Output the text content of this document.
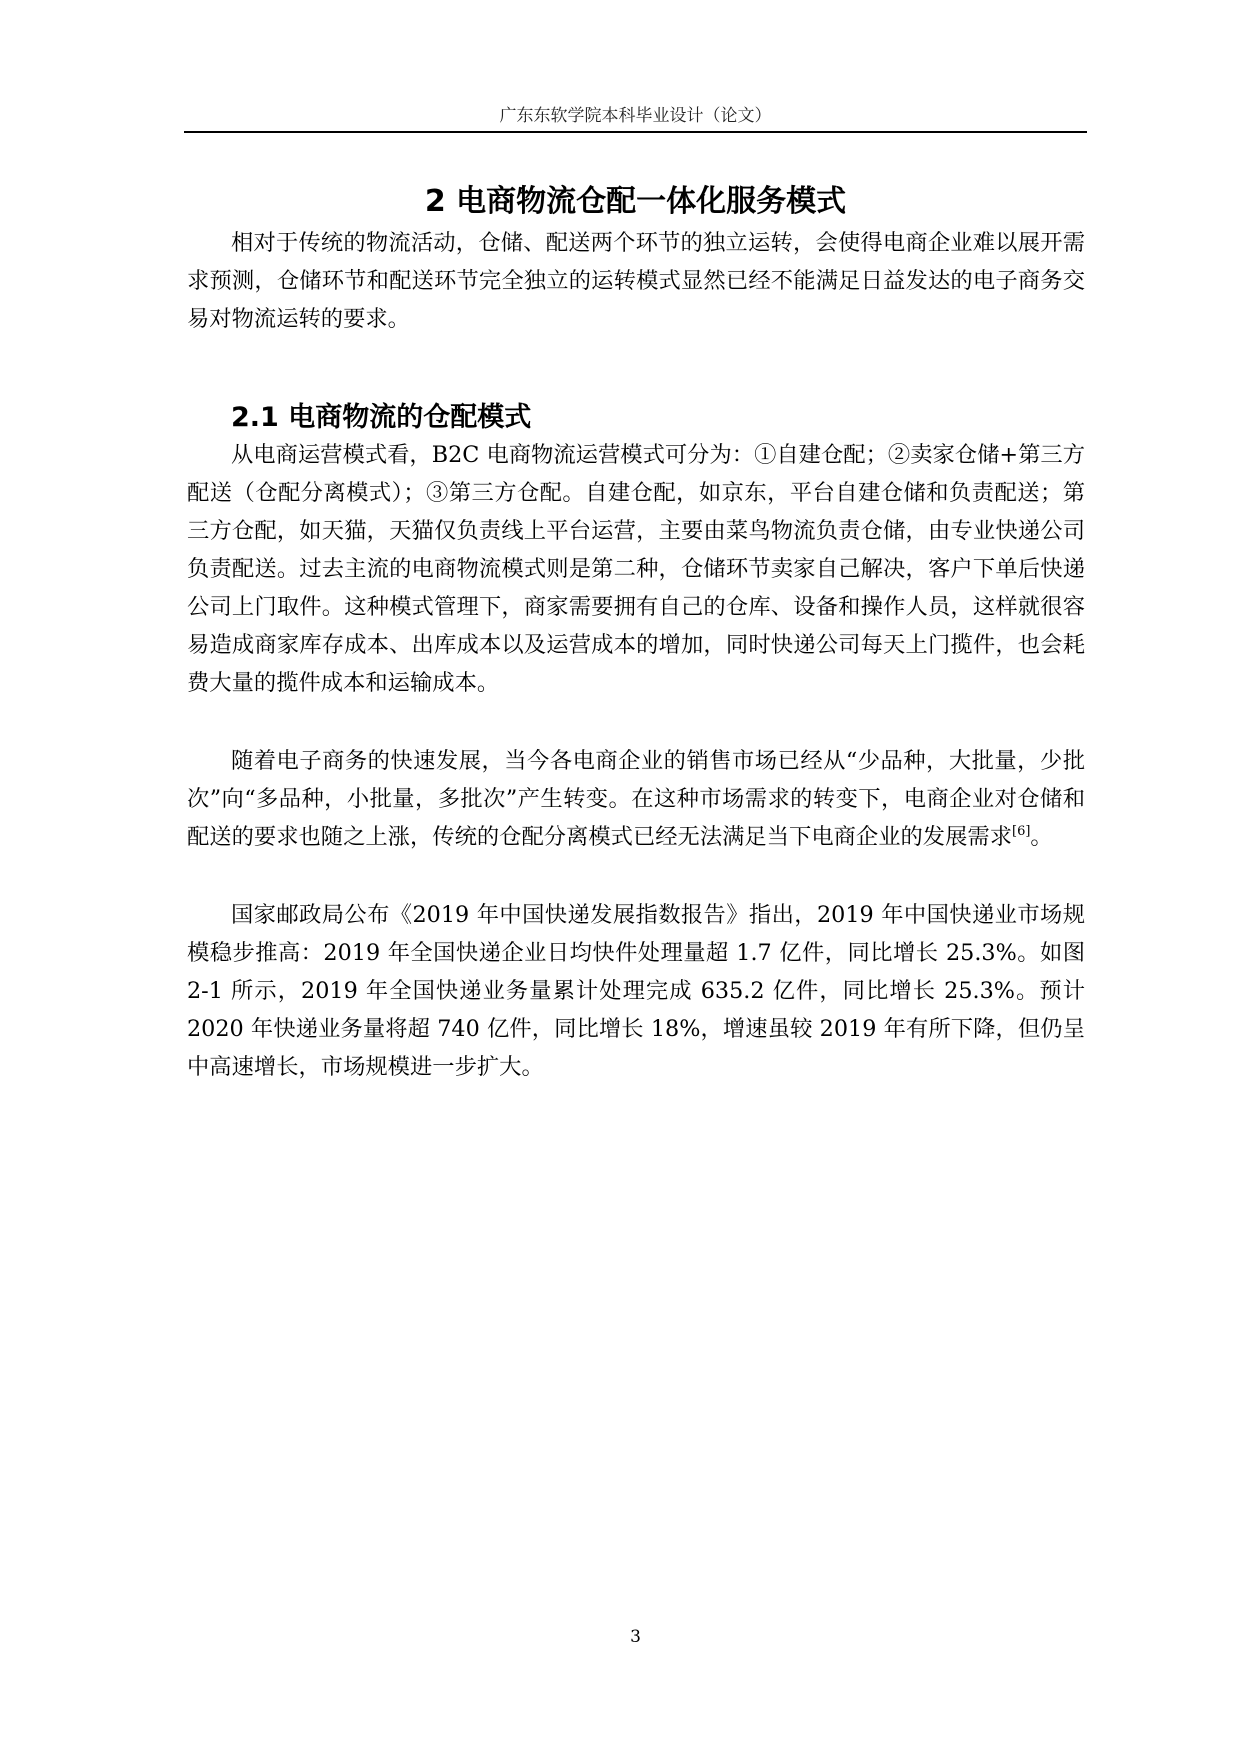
广东东软学院本科毕业设计（论文）
2 电商物流仓配一体化服务模式

相对于传统的物流活动，仓储、配送两个环节的独立运转，会使得电商企业难以展开需求预测，仓储环节和配送环节完全独立的运转模式显然已经不能满足日益发达的电子商务交易对物流运转的要求。

2.1 电商物流的仓配模式

从电商运营模式看，B2C 电商物流运营模式可分为：①自建仓配；②卖家仓储+第三方配送（仓配分离模式）；③第三方仓配。自建仓配，如京东，平台自建仓储和负责配送；第三方仓配，如天猫，天猫仅负责线上平台运营，主要由菜鸟物流负责仓储，由专业快递公司负责配送。过去主流的电商物流模式则是第二种，仓储环节卖家自己解决，客户下单后快递公司上门取件。这种模式管理下，商家需要拥有自己的仓库、设备和操作人员，这样就很容易造成商家库存成本、出库成本以及运营成本的增加，同时快递公司每天上门揽件，也会耗费大量的揽件成本和运输成本。

随着电子商务的快速发展，当今各电商企业的销售市场已经从“少品种，大批量，少批次”向“多品种，小批量，多批次”产生转变。在这种市场需求的转变下，电商企业对仓储和配送的要求也随之上涨，传统的仓配分离模式已经无法满足当下电商企业的发展需求[6]。

国家邮政局公布《2019 年中国快递发展指数报告》指出，2019 年中国快递业市场规模稳步推高：2019 年全国快递企业日均快件处理量超 1.7 亿件，同比增长 25.3%。如图 2-1 所示，2019 年全国快递业务量累计处理完成 635.2 亿件，同比增长 25.3%。预计 2020 年快递业务量将超 740 亿件，同比增长 18%，增速虽较 2019 年有所下降，但仍呈中高速增长，市场规模进一步扩大。

3
